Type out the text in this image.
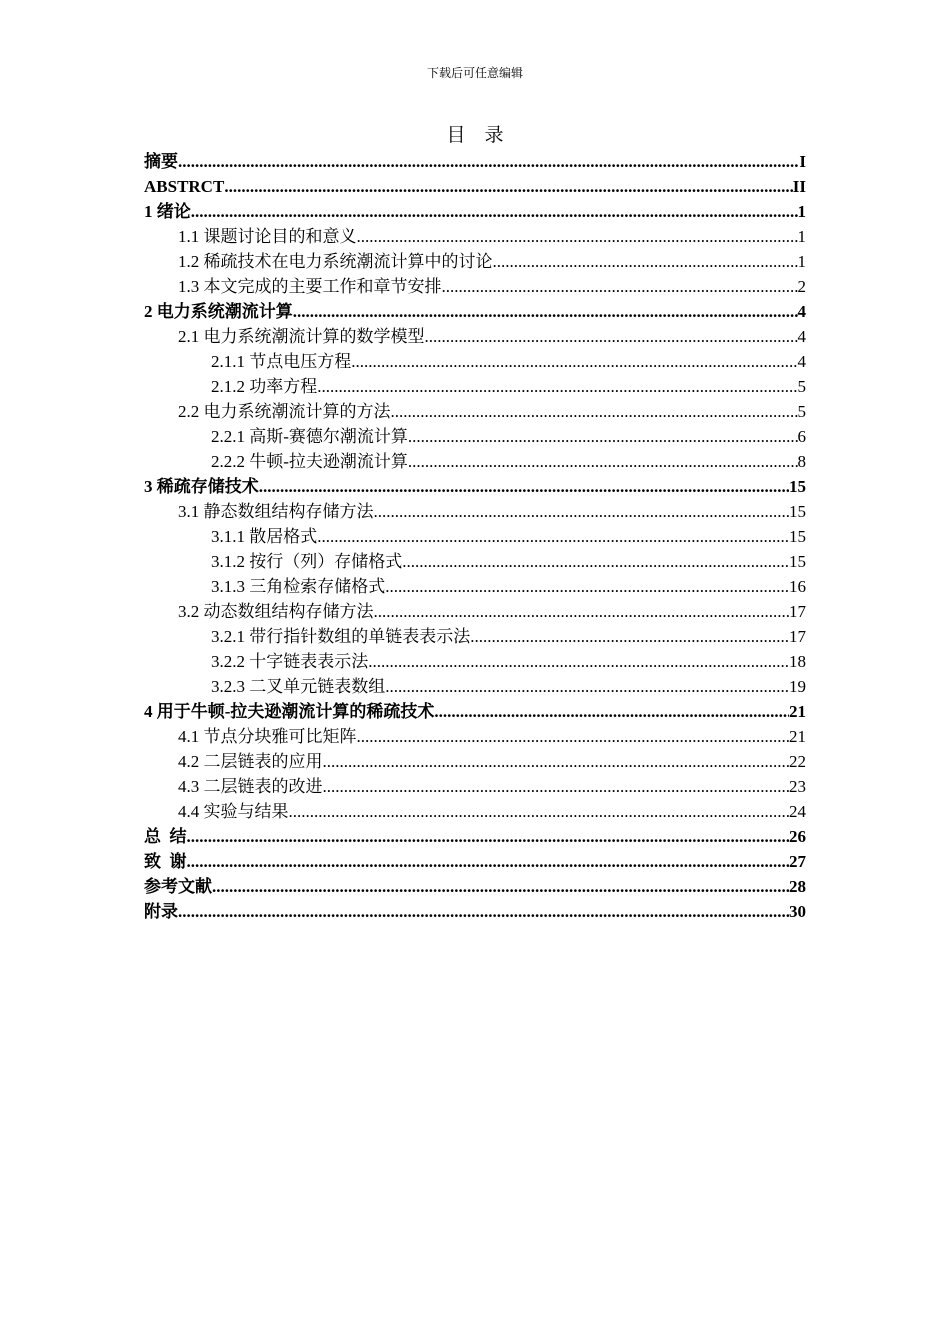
下载后可任意编辑
目    录
摘要 .....	I
ABSTRCT .....	II
1 绪论 .....	1
1.1 课题讨论目的和意义 .....	1
1.2 稀疏技术在电力系统潮流计算中的讨论 .....	1
1.3 本文完成的主要工作和章节安排 .....	2
2 电力系统潮流计算 .....	4
2.1 电力系统潮流计算的数学模型 .....	4
2.1.1 节点电压方程 .....	4
2.1.2 功率方程 .....	5
2.2 电力系统潮流计算的方法 .....	5
2.2.1 高斯-赛德尔潮流计算 .....	6
2.2.2 牛顿-拉夫逊潮流计算 .....	8
3 稀疏存储技术 .....	15
3.1 静态数组结构存储方法 .....	15
3.1.1 散居格式 .....	15
3.1.2 按行（列）存储格式 .....	15
3.1.3 三角检索存储格式 .....	16
3.2 动态数组结构存储方法 .....	17
3.2.1 带行指针数组的单链表表示法 .....	17
3.2.2 十字链表表示法 .....	18
3.2.3 二叉单元链表数组 .....	19
4 用于牛顿-拉夫逊潮流计算的稀疏技术 .....	21
4.1 节点分块雅可比矩阵 .....	21
4.2 二层链表的应用 .....	22
4.3 二层链表的改进 .....	23
4.4 实验与结果 .....	24
总  结 .....	26
致  谢 .....	27
参考文献 .....	28
附录 .....	30
